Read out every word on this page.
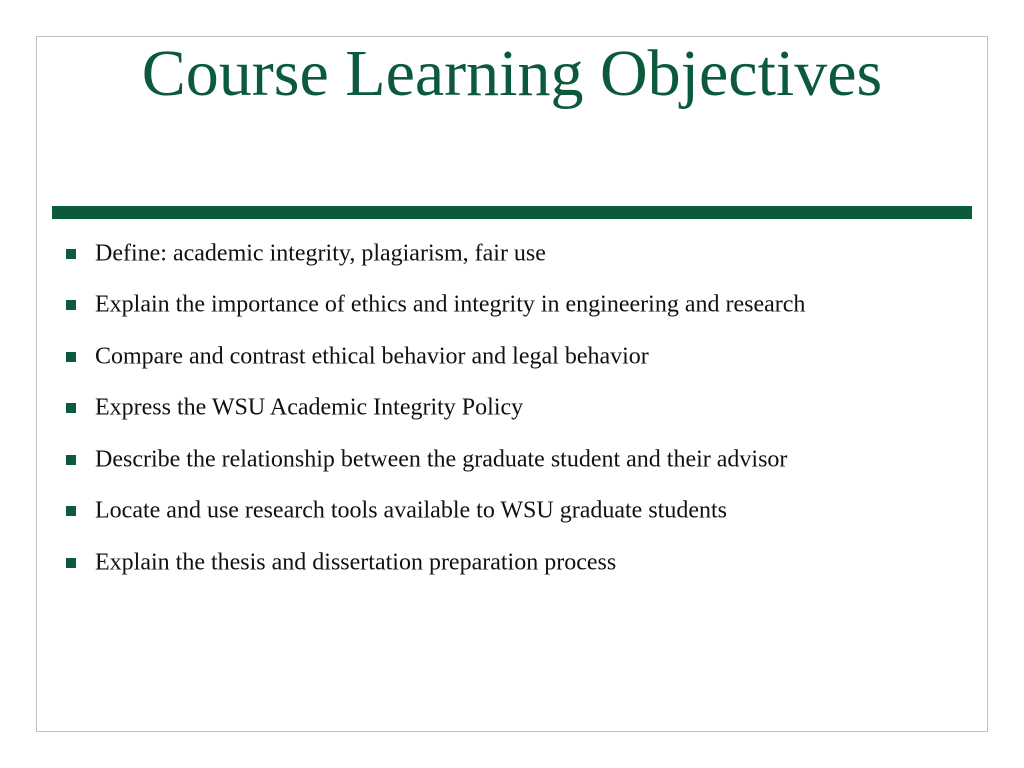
Course Learning Objectives
Define: academic integrity, plagiarism, fair use
Explain the importance of ethics and integrity in engineering and research
Compare and contrast ethical behavior and legal behavior
Express the WSU Academic Integrity Policy
Describe the relationship between the graduate student and their advisor
Locate and use research tools available to WSU graduate students
Explain the thesis and dissertation preparation process
